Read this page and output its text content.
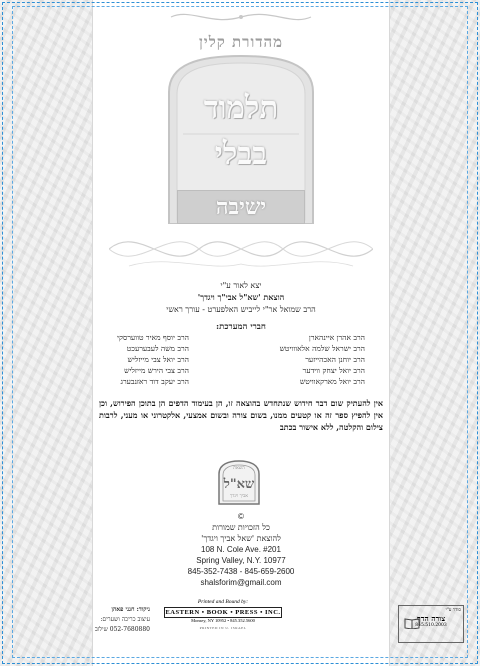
מהדורת קלין
תלמוד
בבלי
ישיבה
יצא לאור ע"י
הוצאת 'שא"ל אבי"ך ויגדך'
הרב שמואל אר"י לייביש האלפערט - עורך ראשי
חברי המערכת:
הרב אהרן איינהארן
הרב ישראל שלמה אלאווויטש
הרב יוחנן האכהייזער
הרב יואל יצחק ווידער
הרב יואל מארקאוויטש
הרב יוסף מאיר טווערסקי
הרב משה לעבערעכט
הרב יואל צבי מייזליש
הרב צבי הירש מייזליש
הרב יעקב דוד ראזנבערג
אין להעתיק שום דבר חידוש שנתחדש בהוצאה זו, הן בעימוד הדפים הן בתוכן הפירוש, וכן אין להפיץ ספר זה או קטעים ממנו, בשום צורה ובשום אמצעי, אלקטרוני או מעני, לרבות צילום והקלטה, ללא אישור בכתב
הוצאת
שא"ל
אביך ויגדך
©
כל הזכויות שמורות
להוצאת 'שאל אביך ויגדך'
108 N. Cole Ave. #201
Spring Valley, N.Y. 10977
845-352-7438 - 845-659-2600
shalsforim@gmail.com
ניקוד: חנני פאהן
עיצוב כריכה ושערים:
052-7680880 שילוב
Printed and Bound by:
EASTERN • BOOK • PRESS • INC.
Monsey, NY 10952 • 845.352.5600
PRINTED IN U. ISRAEL
סודר ע"י
צורה הדף
845.510.2003
